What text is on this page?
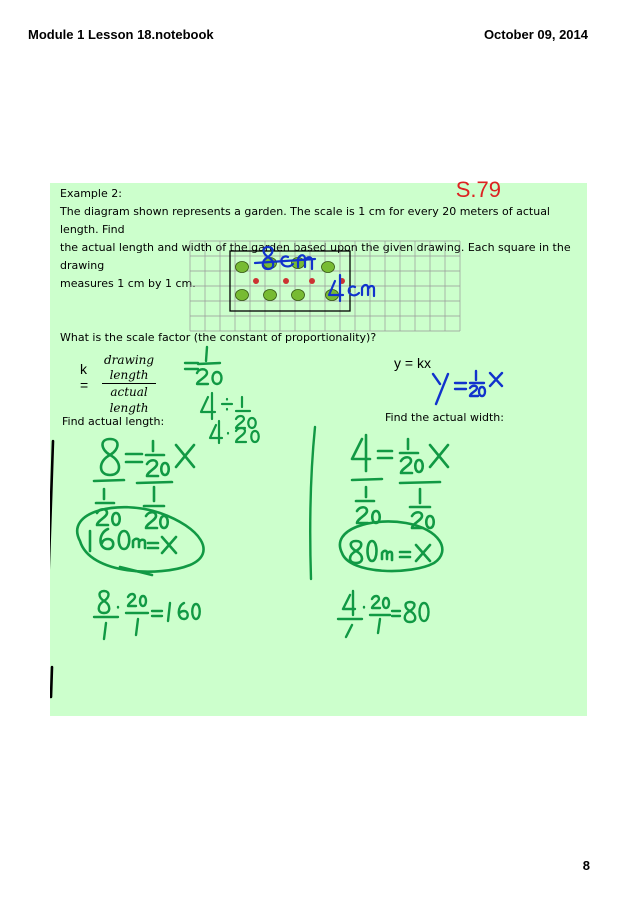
Module 1 Lesson 18.notebook	October 09, 2014
S.79
Example 2:
The diagram shown represents a garden. The scale is 1 cm for every 20 meters of actual length. Find
the actual length and width of the garden based upon the given drawing. Each square in the drawing
measures 1 cm by 1 cm.
What is the scale factor (the constant of proportionality)?
k =
drawing length
actual length
y = kx
Find actual length:	Find the actual width:
8
